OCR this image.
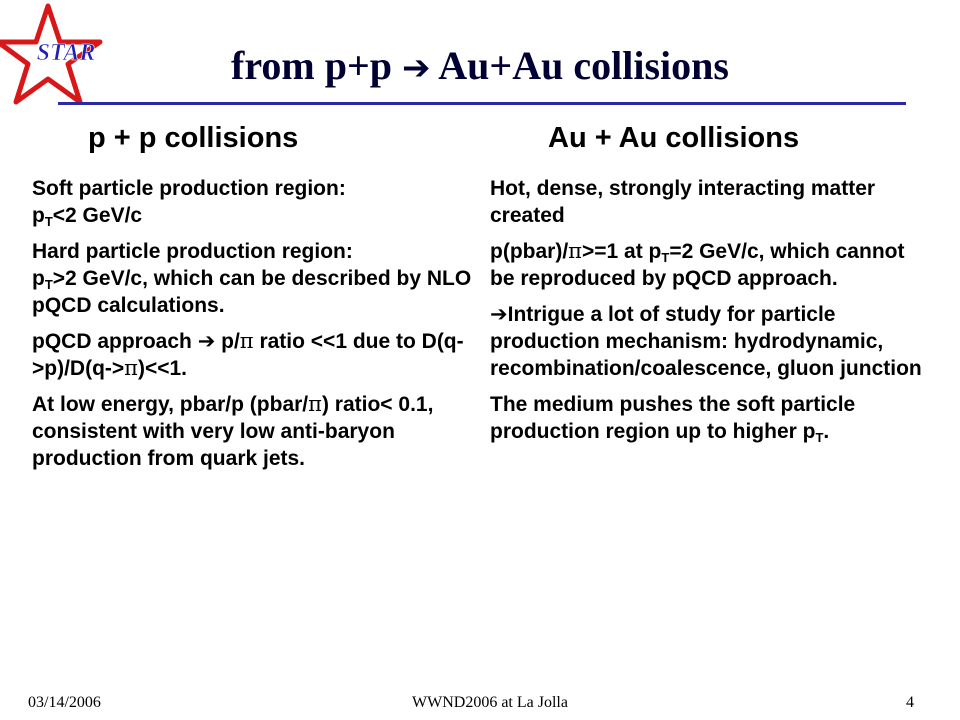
STAR	from p+p ➔ Au+Au collisions
p + p collisions

Soft particle production region:
$p_T<2$ GeV/c

Hard particle production region:
$p_T>2$ GeV/c, which can be described by NLO pQCD calculations.

pQCD approach ➔ p/π ratio <<1 due to D(q->p)/D(q->π)<<1.

At low energy, pbar/p (pbar/π) ratio< 0.1, consistent with very low anti-baryon production from quark jets.

Au + Au collisions

Hot, dense, strongly interacting matter created

p(pbar)/π>=1 at $p_T=2$ GeV/c, which cannot be reproduced by pQCD approach.

➔Intrigue a lot of study for particle production mechanism: hydrodynamic, recombination/coalescence, gluon junction

The medium pushes the soft particle production region up to higher $p_T$.

03/14/2006	WWND2006 at La Jolla	4
